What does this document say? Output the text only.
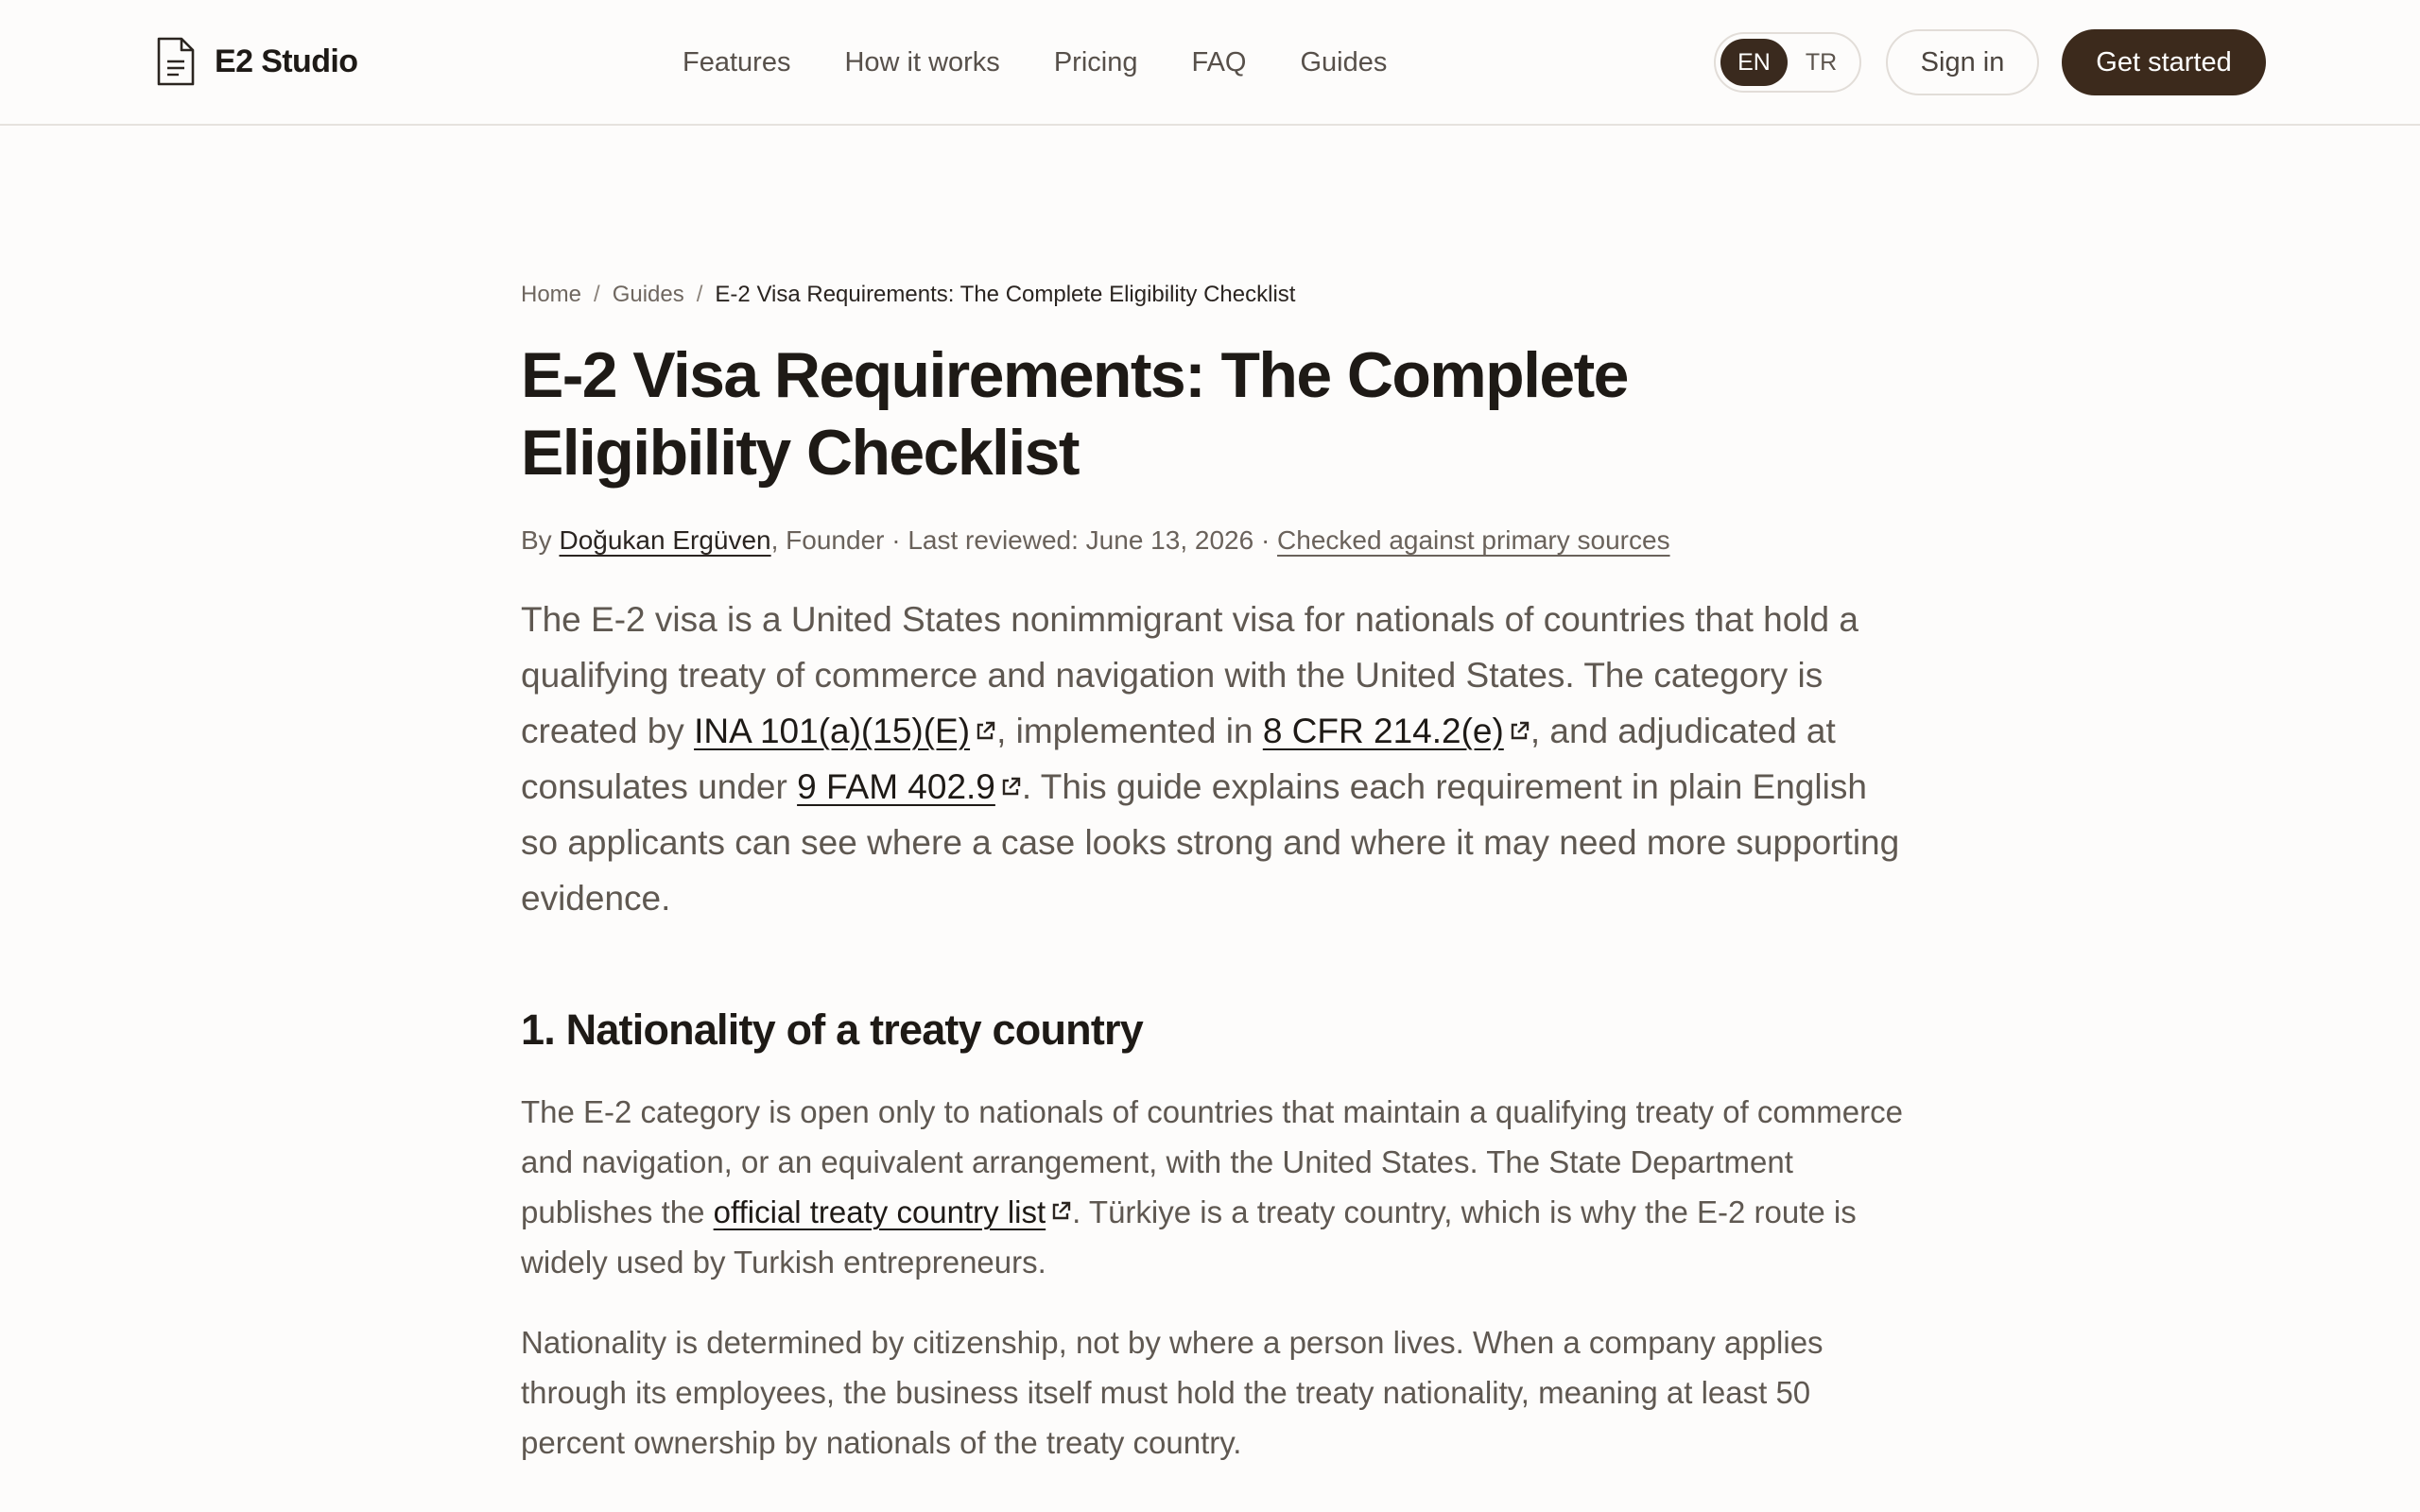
E2 Studio	Features How it works Pricing FAQ Guides	EN	TR	Sign in	Get started
Home / Guides / E-2 Visa Requirements: The Complete Eligibility Checklist
E-2 Visa Requirements: The Complete Eligibility Checklist
By Doğukan Ergüven, Founder · Last reviewed: June 13, 2026 · Checked against primary sources

The E-2 visa is a United States nonimmigrant visa for nationals of countries that hold a qualifying treaty of commerce and navigation with the United States. The category is created by INA 101(a)(15)(E) , implemented in 8 CFR 214.2(e) , and adjudicated at consulates under 9 FAM 402.9 . This guide explains each requirement in plain English so applicants can see where a case looks strong and where it may need more supporting evidence.

1. Nationality of a treaty country

The E-2 category is open only to nationals of countries that maintain a qualifying treaty of commerce and navigation, or an equivalent arrangement, with the United States. The State Department publishes the official treaty country list . Türkiye is a treaty country, which is why the E-2 route is widely used by Turkish entrepreneurs.

Nationality is determined by citizenship, not by where a person lives. When a company applies through its employees, the business itself must hold the treaty nationality, meaning at least 50 percent ownership by nationals of the treaty country.
